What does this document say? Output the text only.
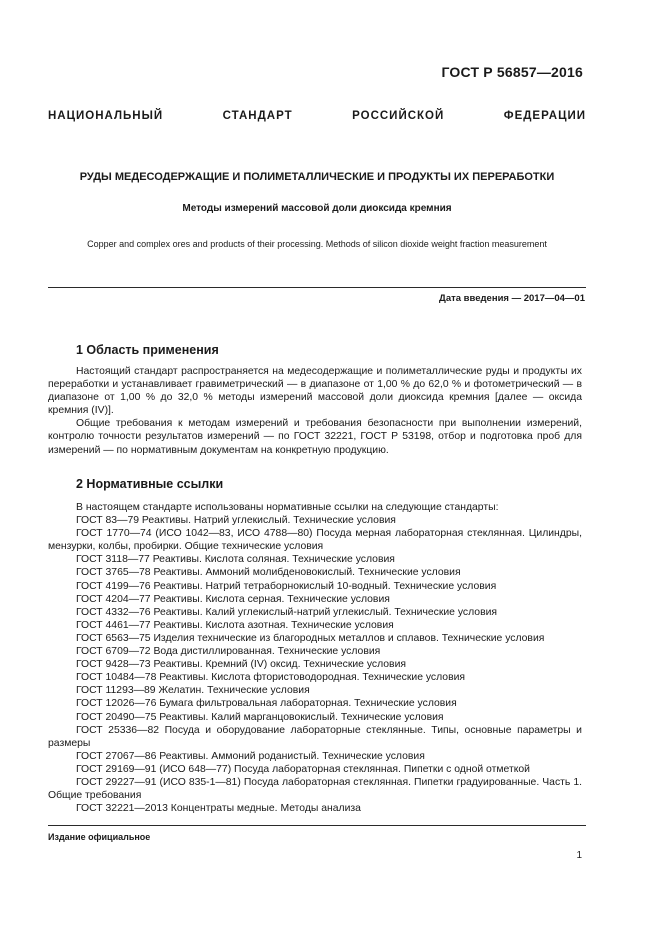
ГОСТ Р 56857—2016
НАЦИОНАЛЬНЫЙ СТАНДАРТ РОССИЙСКОЙ ФЕДЕРАЦИИ
РУДЫ МЕДЕСОДЕРЖАЩИЕ И ПОЛИМЕТАЛЛИЧЕСКИЕ И ПРОДУКТЫ ИХ ПЕРЕРАБОТКИ
Методы измерений массовой доли диоксида кремния
Copper and complex ores and products of their processing. Methods of silicon dioxide weight fraction measurement
Дата введения — 2017—04—01
1 Область применения

Настоящий стандарт распространяется на медесодержащие и полиметаллические руды и продукты их переработки и устанавливает гравиметрический — в диапазоне от 1,00 % до 62,0 % и фотометрический — в диапазоне от 1,00 % до 32,0 % методы измерений массовой доли диоксида кремния [далее — оксида кремния (IV)].

Общие требования к методам измерений и требования безопасности при выполнении измерений, контролю точности результатов измерений — по ГОСТ 32221, ГОСТ Р 53198, отбор и подготовка проб для измерений — по нормативным документам на конкретную продукцию.

2 Нормативные ссылки
В настоящем стандарте использованы нормативные ссылки на следующие стандарты:
ГОСТ 83—79 Реактивы. Натрий углекислый. Технические условия
ГОСТ 1770—74 (ИСО 1042—83, ИСО 4788—80) Посуда мерная лабораторная стеклянная. Цилиндры, мензурки, колбы, пробирки. Общие технические условия
ГОСТ 3118—77 Реактивы. Кислота соляная. Технические условия
ГОСТ 3765—78 Реактивы. Аммоний молибденовокислый. Технические условия
ГОСТ 4199—76 Реактивы. Натрий тетраборнокислый 10-водный. Технические условия
ГОСТ 4204—77 Реактивы. Кислота серная. Технические условия
ГОСТ 4332—76 Реактивы. Калий углекислый-натрий углекислый. Технические условия
ГОСТ 4461—77 Реактивы. Кислота азотная. Технические условия
ГОСТ 6563—75 Изделия технические из благородных металлов и сплавов. Технические условия
ГОСТ 6709—72 Вода дистиллированная. Технические условия
ГОСТ 9428—73 Реактивы. Кремний (IV) оксид. Технические условия
ГОСТ 10484—78 Реактивы. Кислота фтористоводородная. Технические условия
ГОСТ 11293—89 Желатин. Технические условия
ГОСТ 12026—76 Бумага фильтровальная лабораторная. Технические условия
ГОСТ 20490—75 Реактивы. Калий марганцовокислый. Технические условия
ГОСТ 25336—82 Посуда и оборудование лабораторные стеклянные. Типы, основные параметры и размеры
ГОСТ 27067—86 Реактивы. Аммоний роданистый. Технические условия
ГОСТ 29169—91 (ИСО 648—77) Посуда лабораторная стеклянная. Пипетки с одной отметкой
ГОСТ 29227—91 (ИСО 835-1—81) Посуда лабораторная стеклянная. Пипетки градуированные. Часть 1. Общие требования
ГОСТ 32221—2013 Концентраты медные. Методы анализа
Издание официальное
1
